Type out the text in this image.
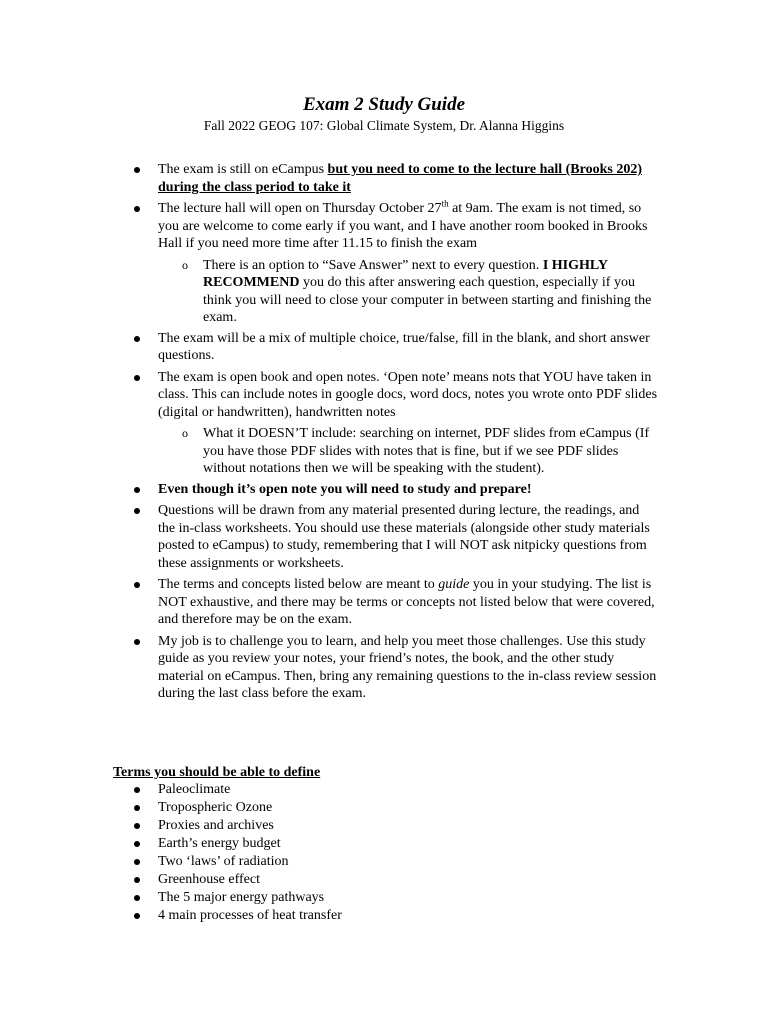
Exam 2 Study Guide
Fall 2022 GEOG 107: Global Climate System, Dr. Alanna Higgins
The exam is still on eCampus but you need to come to the lecture hall (Brooks 202) during the class period to take it
The lecture hall will open on Thursday October 27th at 9am. The exam is not timed, so you are welcome to come early if you want, and I have another room booked in Brooks Hall if you need more time after 11.15 to finish the exam
o There is an option to “Save Answer” next to every question. I HIGHLY RECOMMEND you do this after answering each question, especially if you think you will need to close your computer in between starting and finishing the exam.
The exam will be a mix of multiple choice, true/false, fill in the blank, and short answer questions.
The exam is open book and open notes. ‘Open note’ means nots that YOU have taken in class. This can include notes in google docs, word docs, notes you wrote onto PDF slides (digital or handwritten), handwritten notes
o What it DOESN’T include: searching on internet, PDF slides from eCampus (If you have those PDF slides with notes that is fine, but if we see PDF slides without notations then we will be speaking with the student).
Even though it’s open note you will need to study and prepare!
Questions will be drawn from any material presented during lecture, the readings, and the in-class worksheets. You should use these materials (alongside other study materials posted to eCampus) to study, remembering that I will NOT ask nitpicky questions from these assignments or worksheets.
The terms and concepts listed below are meant to guide you in your studying. The list is NOT exhaustive, and there may be terms or concepts not listed below that were covered, and therefore may be on the exam.
My job is to challenge you to learn, and help you meet those challenges. Use this study guide as you review your notes, your friend’s notes, the book, and the other study material on eCampus. Then, bring any remaining questions to the in-class review session during the last class before the exam.
Terms you should be able to define
Paleoclimate
Tropospheric Ozone
Proxies and archives
Earth’s energy budget
Two ‘laws’ of radiation
Greenhouse effect
The 5 major energy pathways
4 main processes of heat transfer
